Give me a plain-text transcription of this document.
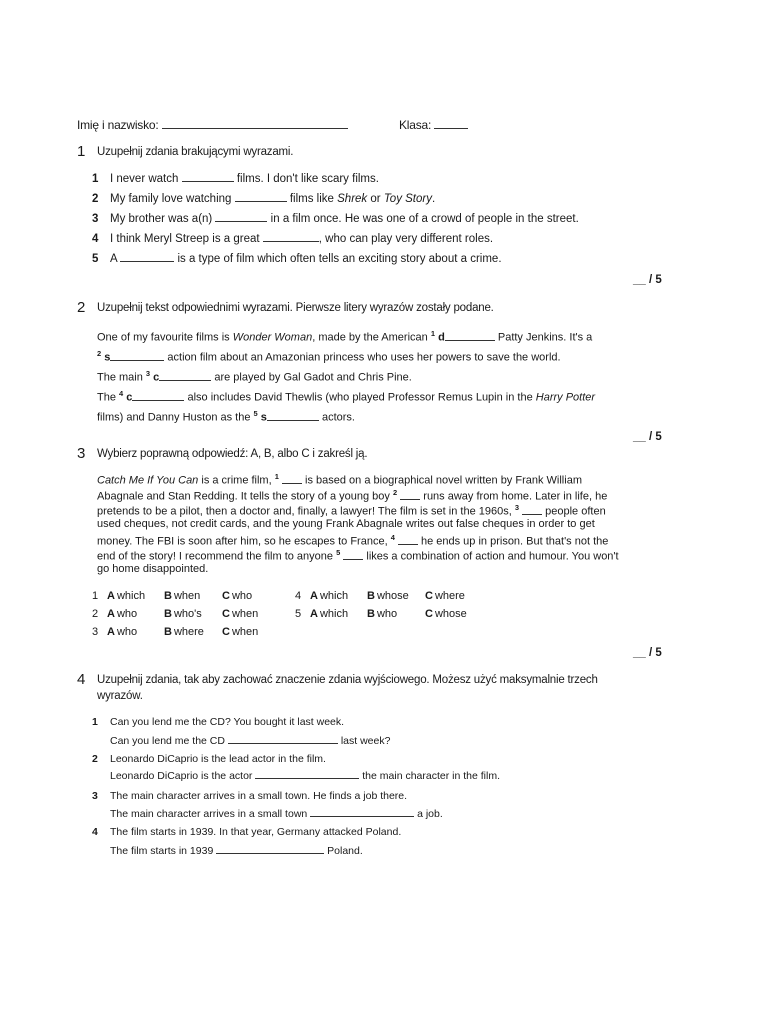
Imię i nazwisko:	Klasa:
1 Uzupełnij zdania brakującymi wyrazami.
1 I never watch	films. I don't like scary films.
2 My family love watching	films like Shrek or Toy Story.
3 My brother was a(n)	in a film once. He was one of a crowd of people in the street.
4 I think Meryl Streep is a great	, who can play very different roles.
5 A	is a type of film which often tells an exciting story about a crime.
__ / 5
2 Uzupełnij tekst odpowiednimi wyrazami. Pierwsze litery wyrazów zostały podane.
One of my favourite films is Wonder Woman, made by the American $^1$ d	Patty Jenkins. It's a
$^2$ s	action film about an Amazonian princess who uses her powers to save the world.
The main $^3$ c	are played by Gal Gadot and Chris Pine.
The $^4$ c	also includes David Thewlis (who played Professor Remus Lupin in the Harry Potter
films) and Danny Huston as the $^5$ s	actors.
__ / 5
3 Wybierz poprawną odpowiedź: A, B, albo C i zakreśl ją.
Catch Me If You Can is a crime film, $^1$ is based on a biographical novel written by Frank William
Abagnale and Stan Redding. It tells the story of a young boy $^2$ runs away from home. Later in life, he
pretends to be a pilot, then a doctor and, finally, a lawyer! The film is set in the 1960s, $^3$ people often
used cheques, not credit cards, and the young Frank Abagnale writes out false cheques in order to get
money. The FBI is soon after him, so he escapes to France, $^4$ he ends up in prison. But that's not the
end of the story! I recommend the film to anyone $^5$ likes a combination of action and humour. You won't
go home disappointed.
1 A which B when C who
2 A who B who's C when
3 A who B where C when
4 A which B whose C where
5 A which B who	C whose
__ / 5
4 Uzupełnij zdania, tak aby zachować znaczenie zdania wyjściowego. Możesz użyć maksymalnie trzech
wyrazów.
1 Can you lend me the CD? You bought it last week.
Can you lend me the CD	last week?
2 Leonardo DiCaprio is the lead actor in the film.
Leonardo DiCaprio is the actor	the main character in the film.
3 The main character arrives in a small town. He finds a job there.
The main character arrives in a small town	a job.
4 The film starts in 1939. In that year, Germany attacked Poland.
The film starts in 1939	Poland.
